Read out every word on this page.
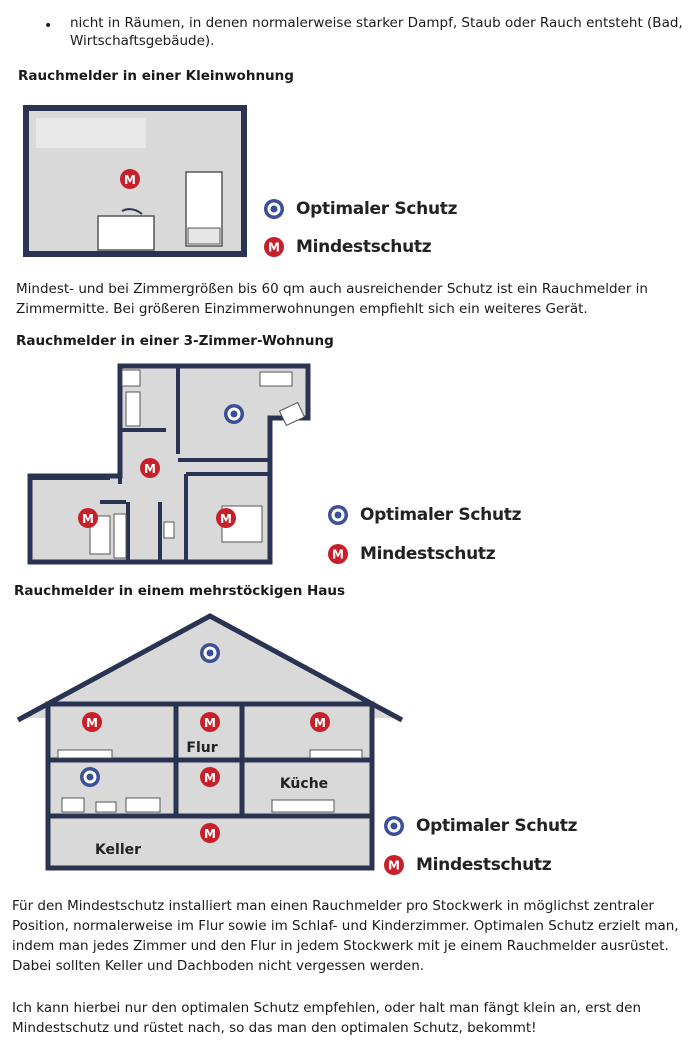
• nicht in Räumen, in denen normalerweise starker Dampf, Staub oder Rauch entsteht (Bad, Wirtschaftsgebäude).
Rauchmelder in einer Kleinwohnung
M
Optimaler Schutz
M Mindestschutz
Mindest- und bei Zimmergrößen bis 60 qm auch ausreichender Schutz ist ein Rauchmelder in Zimmermitte. Bei größeren Einzimmerwohnungen empfiehlt sich ein weiteres Gerät.
Rauchmelder in einer 3-Zimmer-Wohnung
M
M	M	Optimaler Schutz
M Mindestschutz
Rauchmelder in einem mehrstöckigen Haus
Flur
Küche
Keller
M	M	M
M
M	Optimaler Schutz
M Mindestschutz
Für den Mindestschutz installiert man einen Rauchmelder pro Stockwerk in möglichst zentraler Position, normalerweise im Flur sowie im Schlaf- und Kinderzimmer. Optimalen Schutz erzielt man, indem man jedes Zimmer und den Flur in jedem Stockwerk mit je einem Rauchmelder ausrüstet. Dabei sollten Keller und Dachboden nicht vergessen werden.
Ich kann hierbei nur den optimalen Schutz empfehlen, oder halt man fängt klein an, erst den Mindestschutz und rüstet nach, so das man den optimalen Schutz, bekommt!
